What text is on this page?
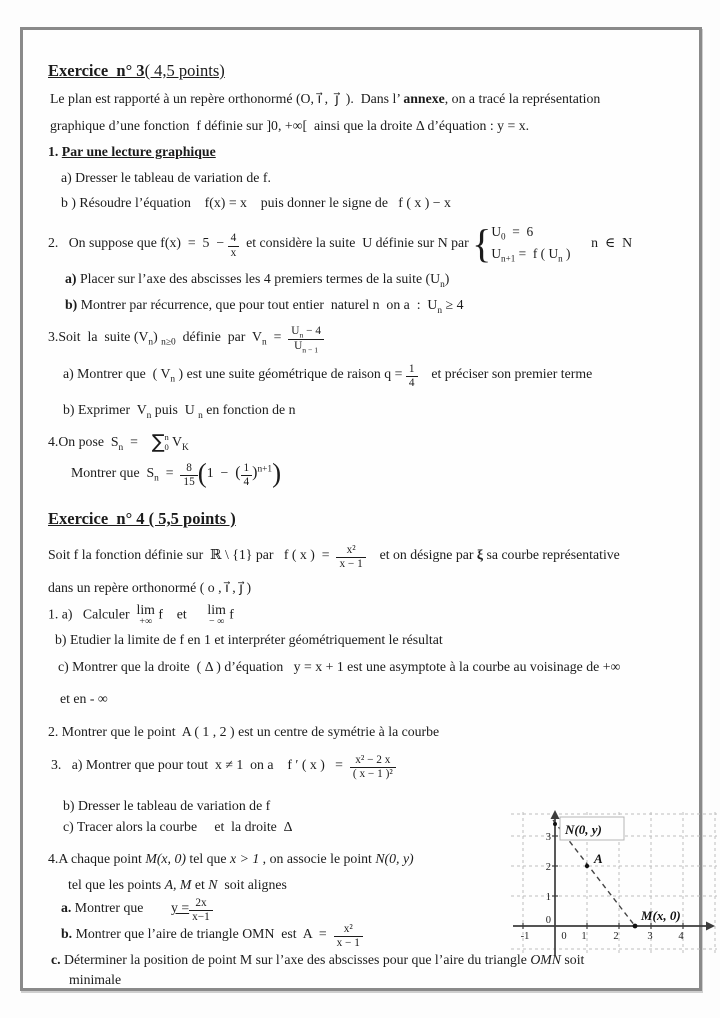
Exercice  n° 3( 4,5 points)
Le plan est rapporté à un repère orthonormé (O, ı⃗ ,  ȷ⃗  ).  Dans l’ annexe, on a tracé la représentation
graphique d’une fonction  f définie sur ]0, +∞[  ainsi que la droite Δ d’équation : y = x.
1. Par une lecture graphique
a) Dresser le tableau de variation de f.
b ) Résoudre l’équation    f(x) = x    puis donner le signe de   f ( x ) − x
2.   On suppose que $f(x) = 5 - \frac{4}{x}$ et considère la suite  U définie sur N par { $U_0 = 6$
$U_{n+1} = f$ ( $U_n$ )
n  ∈  N
a) Placer sur l’axe des abscisses les 4 premiers termes de la suite $(U_n)$
b) Montrer par récurrence, que pour tout entier  naturel n  on a  :  $U_n \ge 4$
3.Soit  la  suite $(V_n)$ $_{n\ge 0}$  définie  par  $V_n = \frac{U_n - 4}{U_{n - 1}}$
a) Montrer que  ( $V_n$ ) est une suite géométrique de raison $q = \frac{1}{4}$ et préciser son premier terme
b) Exprimer  $V_n$ puis  U $_n$ en fonction de n
4.On pose  $S_n$  =    ∑ n
0 $V_K$
Montrer que  $S_n = \frac{8}{15} (1$  −  ( $\frac{1}{4} )^{n+1}$)
Exercice  n° 4 ( 5,5 points )
Soit f la fonction définie sur  ℝ \ {1} par   f ( x )  = $\frac{\text{x²}}{x - 1}$ et on désigne par ξ sa courbe représentative
dans un repère orthonormé ( o , ı⃗ , ȷ⃗ )
1. a)   Calculer lim
+∞
f    et lim
− ∞
f
b) Etudier la limite de f en 1 et interpréter géométriquement le résultat
c) Montrer que la droite  ( Δ ) d’équation   y = x + 1 est une asymptote à la courbe au voisinage de +∞
et en - ∞
2. Montrer que le point  A ( 1 , 2 ) est un centre de symétrie à la courbe
3.   a) Montrer que pour tout  x ≠ 1  on a    f ′ ( x )   = $\frac{\text{x² − 2 x}}{\text{( x − 1 )²}}$
b) Dresser le tableau de variation de f
c) Tracer alors la courbe     et  la droite  Δ
4.A chaque point M(x, 0) tel que x > 1 , on associe le point N(0, y)
tel que les points A, M et N  soit alignes
a. Montrer que        $y = \frac{2x}{x-1}$
b. Montrer que l’aire de triangle OMN  est  $A = \frac{\text{x²}}{x - 1}$
c. Déterminer la position de point M sur l’axe des abscisses pour que l’aire du triangle OMN soit
minimale
N(0, y)
A
M(x, 0)
3
2
1
0
-1	0 1	2	3 4
